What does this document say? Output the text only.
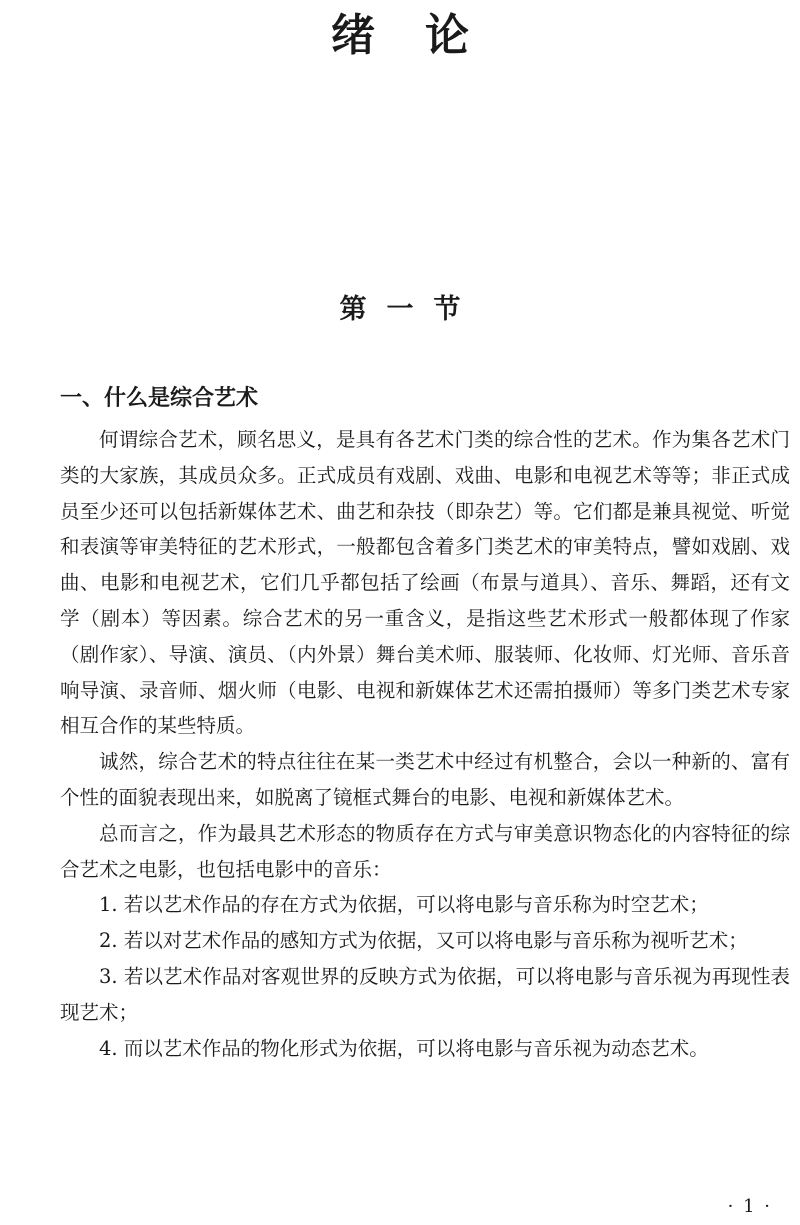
绪论
第一节
一、什么是综合艺术

何谓综合艺术，顾名思义，是具有各艺术门类的综合性的艺术。作为集各艺术门类的大家族，其成员众多。正式成员有戏剧、戏曲、电影和电视艺术等等；非正式成员至少还可以包括新媒体艺术、曲艺和杂技（即杂艺）等。它们都是兼具视觉、听觉和表演等审美特征的艺术形式，一般都包含着多门类艺术的审美特点，譬如戏剧、戏曲、电影和电视艺术，它们几乎都包括了绘画（布景与道具）、音乐、舞蹈，还有文学（剧本）等因素。综合艺术的另一重含义，是指这些艺术形式一般都体现了作家（剧作家）、导演、演员、（内外景）舞台美术师、服装师、化妆师、灯光师、音乐音响导演、录音师、烟火师（电影、电视和新媒体艺术还需拍摄师）等多门类艺术专家相互合作的某些特质。

诚然，综合艺术的特点往往在某一类艺术中经过有机整合，会以一种新的、富有个性的面貌表现出来，如脱离了镜框式舞台的电影、电视和新媒体艺术。

总而言之，作为最具艺术形态的物质存在方式与审美意识物态化的内容特征的综合艺术之电影，也包括电影中的音乐：

1. 若以艺术作品的存在方式为依据，可以将电影与音乐称为时空艺术；

2. 若以对艺术作品的感知方式为依据，又可以将电影与音乐称为视听艺术；

3. 若以艺术作品对客观世界的反映方式为依据，可以将电影与音乐视为再现性表现艺术；

4. 而以艺术作品的物化形式为依据，可以将电影与音乐视为动态艺术。

· 1 ·
